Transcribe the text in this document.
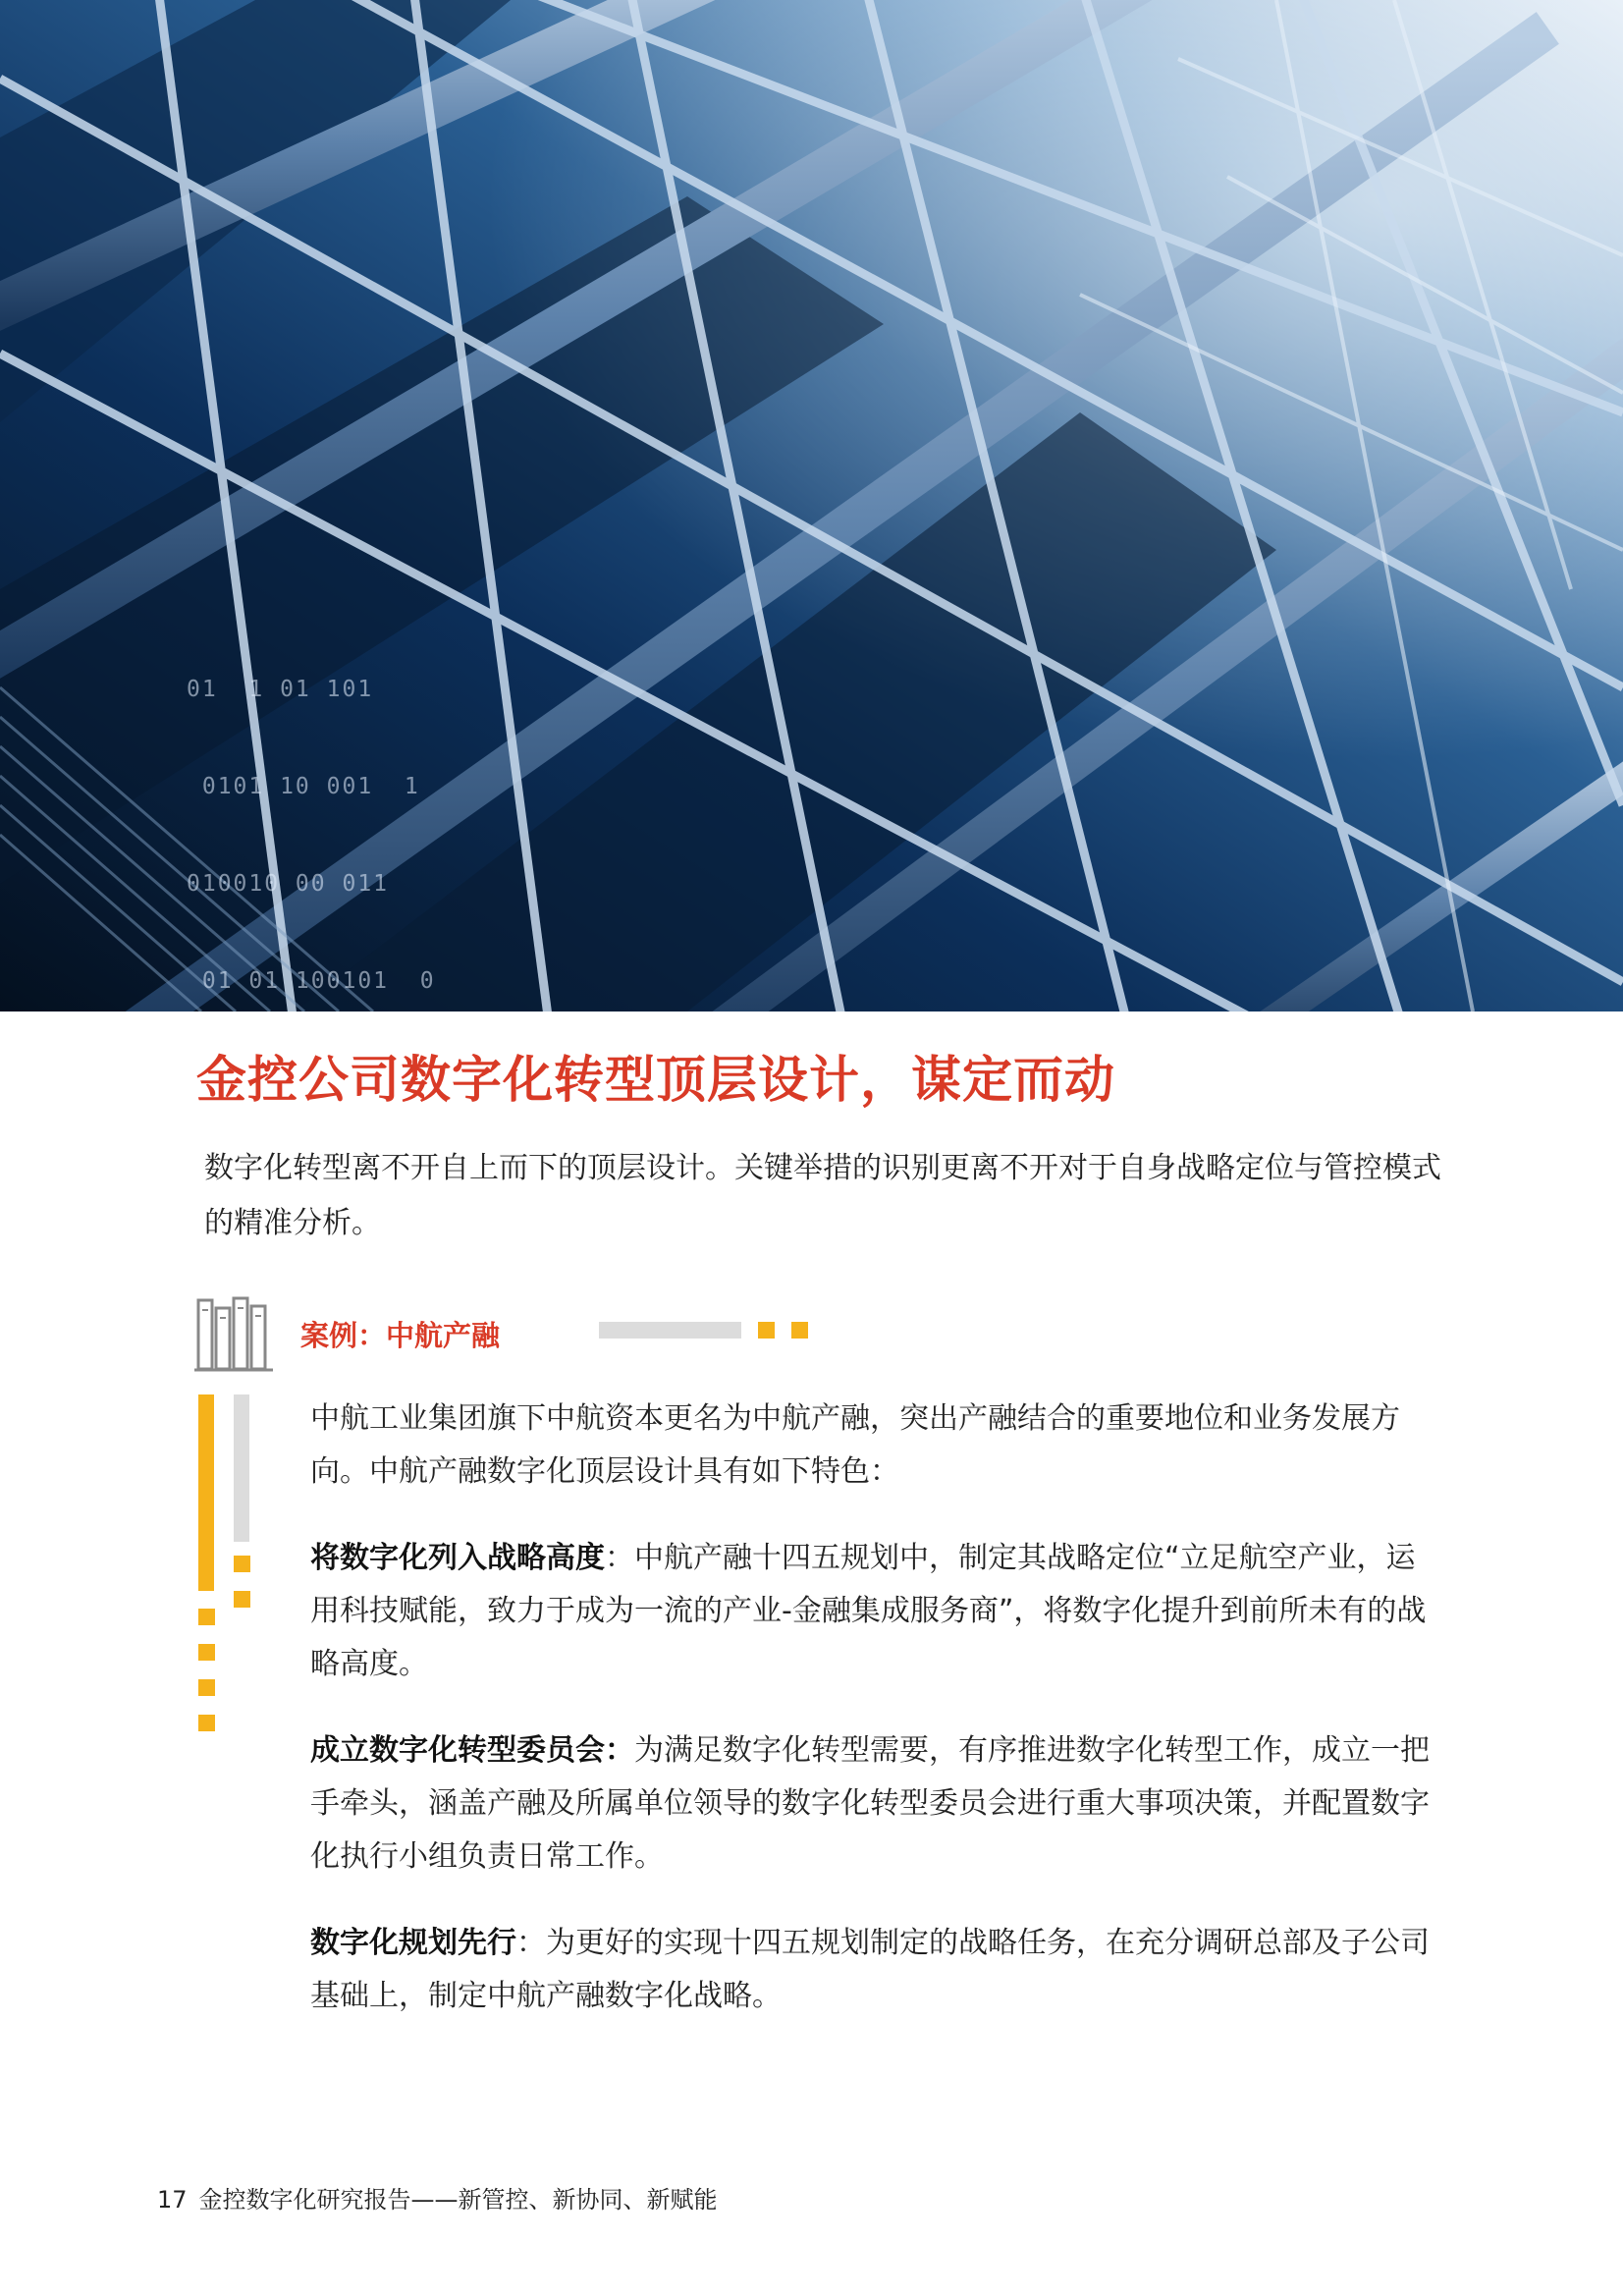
01  1 01 101

0101 10 001  1

010010 00 011

01 01 100101  0

金控公司数字化转型顶层设计，谋定而动
数字化转型离不开自上而下的顶层设计。关键举措的识别更离不开对于自身战略定位与管控模式的精准分析。
案例：中航产融

中航工业集团旗下中航资本更名为中航产融，突出产融结合的重要地位和业务发展方向。中航产融数字化顶层设计具有如下特色：

将数字化列入战略高度：中航产融十四五规划中，制定其战略定位“立足航空产业，运用科技赋能，致力于成为一流的产业-金融集成服务商”，将数字化提升到前所未有的战略高度。

成立数字化转型委员会：为满足数字化转型需要，有序推进数字化转型工作，成立一把手牵头，涵盖产融及所属单位领导的数字化转型委员会进行重大事项决策，并配置数字化执行小组负责日常工作。

数字化规划先行：为更好的实现十四五规划制定的战略任务，在充分调研总部及子公司基础上，制定中航产融数字化战略。

17 金控数字化研究报告——新管控、新协同、新赋能
